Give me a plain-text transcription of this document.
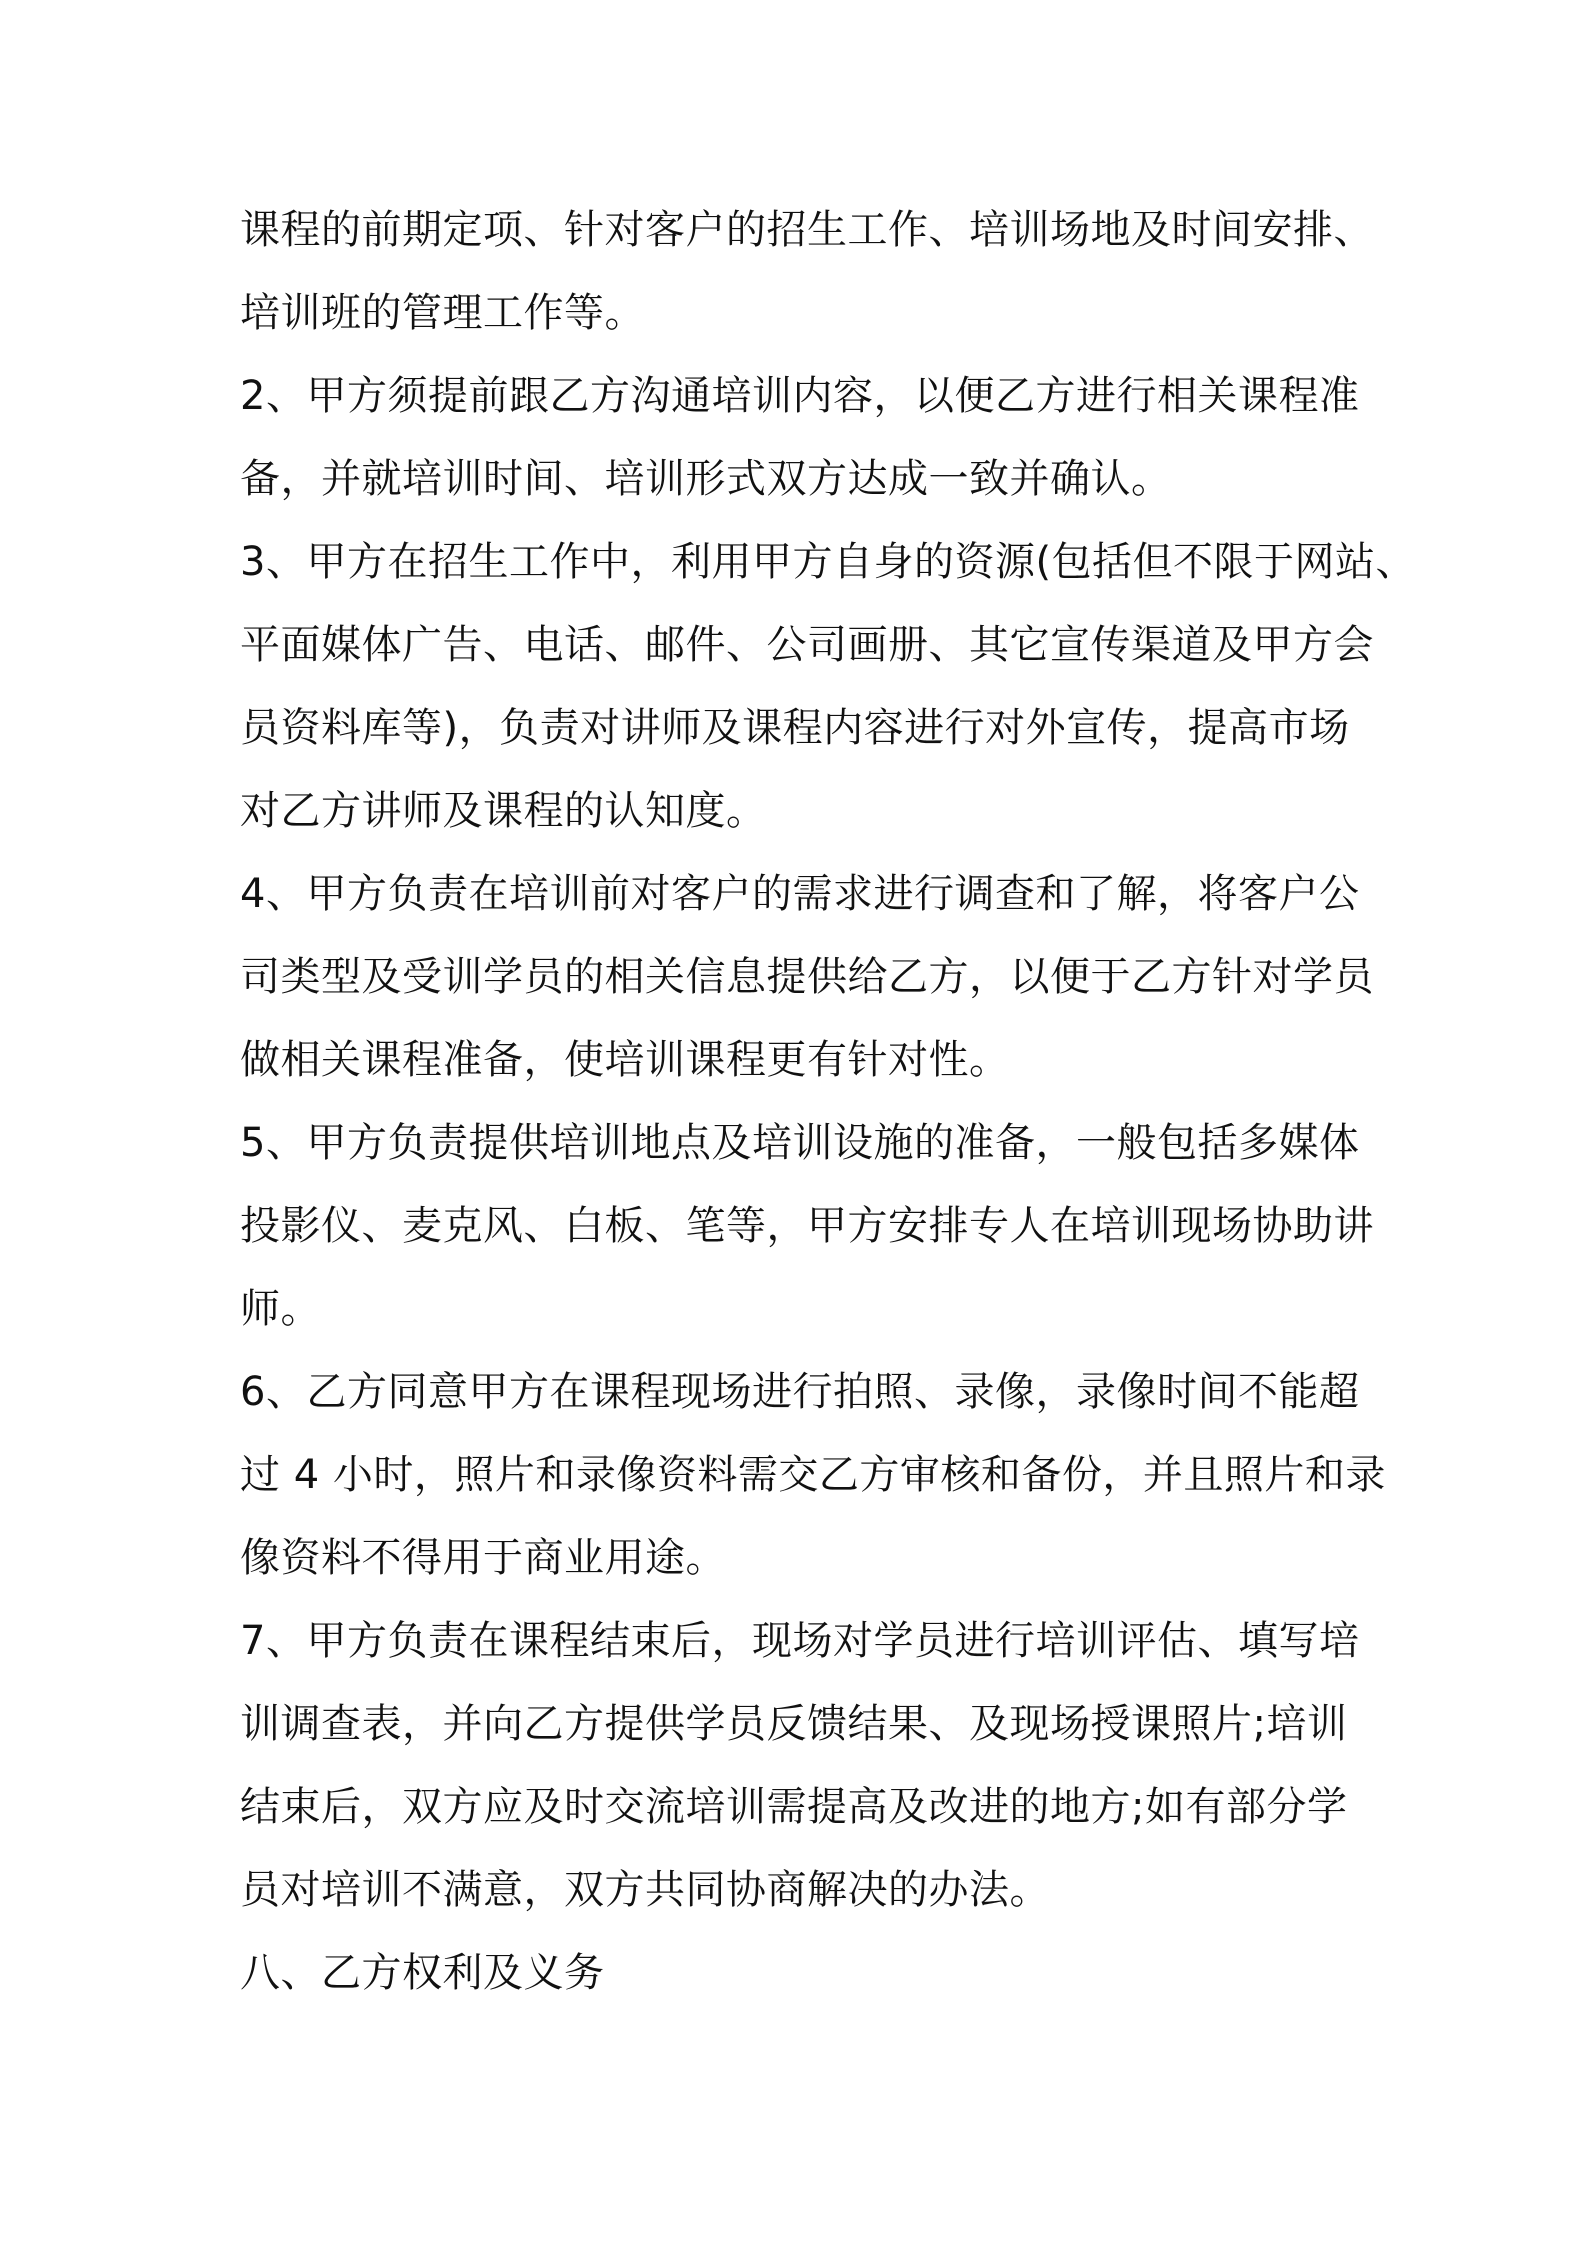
课程的前期定项、针对客户的招生工作、培训场地及时间安排、
培训班的管理工作等。
2、甲方须提前跟乙方沟通培训内容，以便乙方进行相关课程准
备，并就培训时间、培训形式双方达成一致并确认。
3、甲方在招生工作中，利用甲方自身的资源(包括但不限于网站、
平面媒体广告、电话、邮件、公司画册、其它宣传渠道及甲方会
员资料库等)，负责对讲师及课程内容进行对外宣传，提高市场
对乙方讲师及课程的认知度。
4、甲方负责在培训前对客户的需求进行调查和了解，将客户公
司类型及受训学员的相关信息提供给乙方，以便于乙方针对学员
做相关课程准备，使培训课程更有针对性。
5、甲方负责提供培训地点及培训设施的准备，一般包括多媒体
投影仪、麦克风、白板、笔等，甲方安排专人在培训现场协助讲
师。
6、乙方同意甲方在课程现场进行拍照、录像，录像时间不能超
过 4 小时，照片和录像资料需交乙方审核和备份，并且照片和录
像资料不得用于商业用途。
7、甲方负责在课程结束后，现场对学员进行培训评估、填写培
训调查表，并向乙方提供学员反馈结果、及现场授课照片;培训
结束后，双方应及时交流培训需提高及改进的地方;如有部分学
员对培训不满意，双方共同协商解决的办法。
八、乙方权利及义务
